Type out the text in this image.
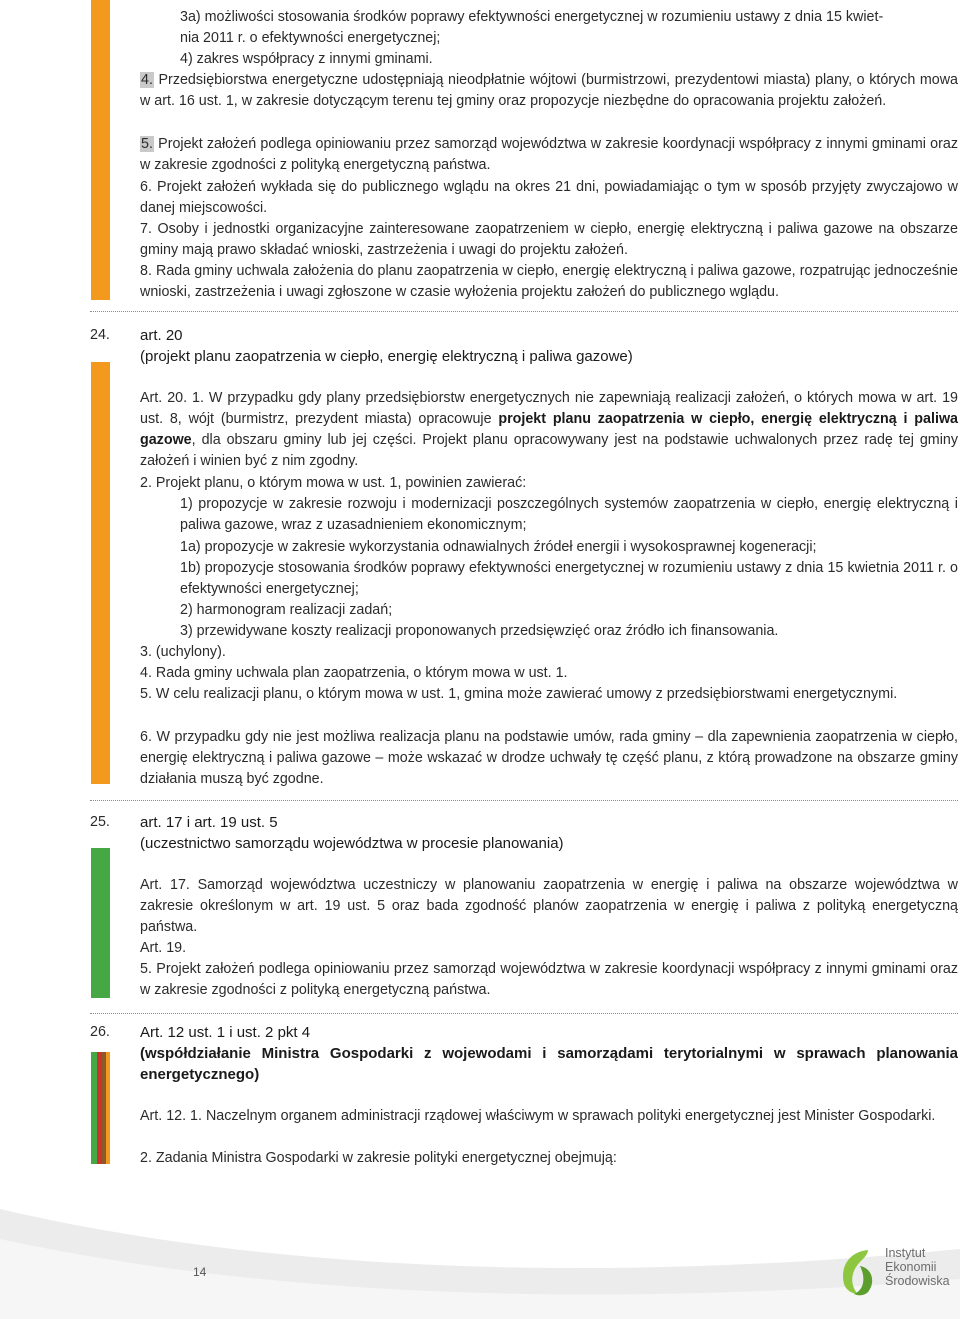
3a) możliwości stosowania środków poprawy efektywności energetycznej w rozumieniu ustawy z dnia 15 kwiet-
nia 2011 r. o efektywności energetycznej;
4) zakres współpracy z innymi gminami.

4. Przedsiębiorstwa energetyczne udostępniają nieodpłatnie wójtowi (burmistrzowi, prezydentowi miasta) plany, o których mowa w art. 16 ust. 1, w zakresie dotyczącym terenu tej gminy oraz propozycje niezbędne do opracowania projektu założeń.

5. Projekt założeń podlega opiniowaniu przez samorząd województwa w zakresie koordynacji współpracy z innymi gminami oraz w zakresie zgodności z polityką energetyczną państwa.

6. Projekt założeń wykłada się do publicznego wglądu na okres 21 dni, powiadamiając o tym w sposób przyjęty zwyczajowo w danej miejscowości.

7. Osoby i jednostki organizacyjne zainteresowane zaopatrzeniem w ciepło, energię elektryczną i paliwa gazowe na obszarze gminy mają prawo składać wnioski, zastrzeżenia i uwagi do projektu założeń.

8. Rada gminy uchwala założenia do planu zaopatrzenia w ciepło, energię elektryczną i paliwa gazowe, rozpatrując jednocześnie wnioski, zastrzeżenia i uwagi zgłoszone w czasie wyłożenia projektu założeń do publicznego wglądu.

24. art. 20

(projekt planu zaopatrzenia w ciepło, energię elektryczną i paliwa gazowe)

Art. 20. 1. W przypadku gdy plany przedsiębiorstw energetycznych nie zapewniają realizacji założeń, o których mowa w art. 19 ust. 8, wójt (burmistrz, prezydent miasta) opracowuje projekt planu zaopatrzenia w ciepło, energię elektryczną i paliwa gazowe, dla obszaru gminy lub jej części. Projekt planu opracowywany jest na podstawie uchwalonych przez radę tej gminy założeń i winien być z nim zgodny.

2. Projekt planu, o którym mowa w ust. 1, powinien zawierać:

1) propozycje w zakresie rozwoju i modernizacji poszczególnych systemów zaopatrzenia w ciepło, energię elektryczną i paliwa gazowe, wraz z uzasadnieniem ekonomicznym;
1a) propozycje w zakresie wykorzystania odnawialnych źródeł energii i wysokosprawnej kogeneracji;
1b) propozycje stosowania środków poprawy efektywności energetycznej w rozumieniu ustawy z dnia 15 kwietnia 2011 r. o efektywności energetycznej;
2) harmonogram realizacji zadań;
3) przewidywane koszty realizacji proponowanych przedsięwzięć oraz źródło ich finansowania.

3. (uchylony).

4. Rada gminy uchwala plan zaopatrzenia, o którym mowa w ust. 1.

5. W celu realizacji planu, o którym mowa w ust. 1, gmina może zawierać umowy z przedsiębiorstwami energetycznymi.

6. W przypadku gdy nie jest możliwa realizacja planu na podstawie umów, rada gminy – dla zapewnienia zaopatrzenia w ciepło, energię elektryczną i paliwa gazowe – może wskazać w drodze uchwały tę część planu, z którą prowadzone na obszarze gminy działania muszą być zgodne.

25. art. 17 i art. 19 ust. 5

(uczestnictwo samorządu województwa w procesie planowania)

Art. 17. Samorząd województwa uczestniczy w planowaniu zaopatrzenia w energię i paliwa na obszarze województwa w zakresie określonym w art. 19 ust. 5 oraz bada zgodność planów zaopatrzenia w energię i paliwa z polityką energetyczną państwa.

Art. 19.

5. Projekt założeń podlega opiniowaniu przez samorząd województwa w zakresie koordynacji współpracy z innymi gminami oraz w zakresie zgodności z polityką energetyczną państwa.

26. Art. 12 ust. 1 i ust. 2 pkt 4

(współdziałanie Ministra Gospodarki z wojewodami i samorządami terytorialnymi w sprawach planowania energetycznego)

Art. 12. 1. Naczelnym organem administracji rządowej właściwym w sprawach polityki energetycznej jest Minister Gospodarki.

2. Zadania Ministra Gospodarki w zakresie polityki energetycznej obejmują:

14
Instytut
Ekonomii
Środowiska
